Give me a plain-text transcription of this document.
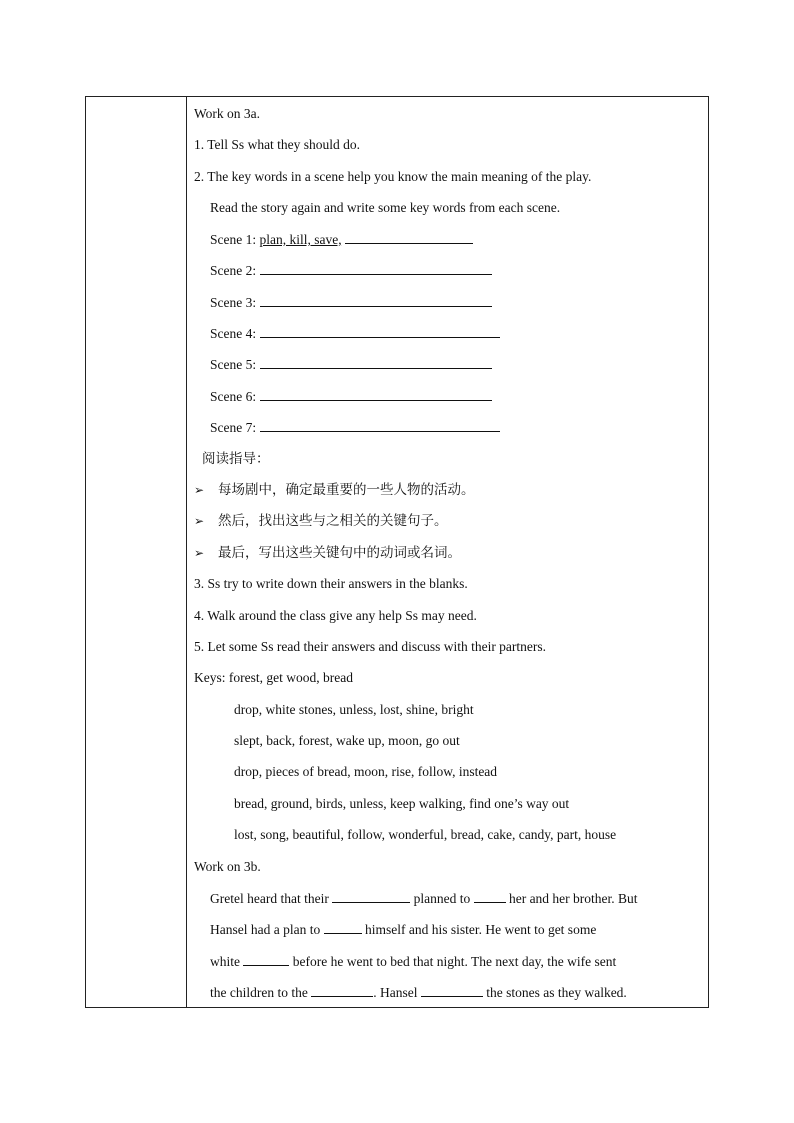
Work on 3a.
1. Tell Ss what they should do.
2. The key words in a scene help you know the main meaning of the play.
Read the story again and write some key words from each scene.
Scene 1: plan, kill, save,
Scene 2:
Scene 3:
Scene 4:
Scene 5:
Scene 6:
Scene 7:
阅读指导：
➢ 每场剧中，确定最重要的一些人物的活动。
➢ 然后，找出这些与之相关的关键句子。
➢ 最后，写出这些关键句中的动词或名词。
3. Ss try to write down their answers in the blanks.
4. Walk around the class give any help Ss may need.
5. Let some Ss read their answers and discuss with their partners.
Keys: forest, get wood, bread
drop, white stones, unless, lost, shine, bright
slept, back, forest, wake up, moon, go out
drop, pieces of bread, moon, rise, follow, instead
bread, ground, birds, unless, keep walking, find one’s way out
lost, song, beautiful, follow, wonderful, bread, cake, candy, part, house
Work on 3b.
Gretel heard that their	planned to	her and her brother. But
Hansel had a plan to	himself and his sister. He went to get some
white	before he went to bed that night. The next day, the wife sent
the children to the	. Hansel	the stones as they walked.
